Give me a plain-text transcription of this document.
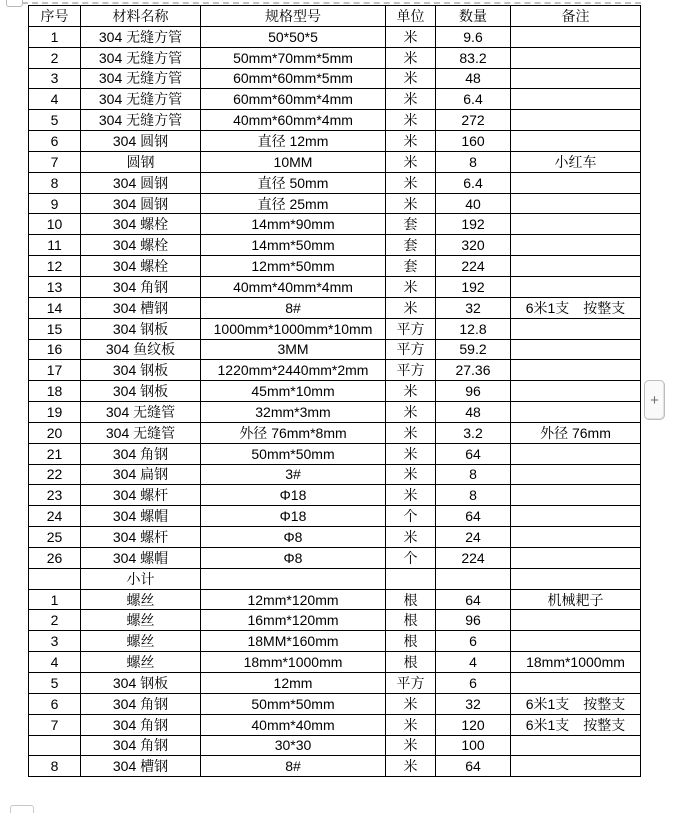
序号	材料名称	规格型号	单位	数量	备注
1	304 无缝方管	50*50*5	米	9.6	
2	304 无缝方管	50mm*70mm*5mm	米	83.2	
3	304 无缝方管	60mm*60mm*5mm	米	48	
4	304 无缝方管	60mm*60mm*4mm	米	6.4	
5	304 无缝方管	40mm*60mm*4mm	米	272	
6	304 圆钢	直径 12mm	米	160	
7	圆钢	10MM	米	8	小红车
8	304 圆钢	直径 50mm	米	6.4	
9	304 圆钢	直径 25mm	米	40	
10	304 螺栓	14mm*90mm	套	192	
11	304 螺栓	14mm*50mm	套	320	
12	304 螺栓	12mm*50mm	套	224	
13	304 角钢	40mm*40mm*4mm	米	192	
14	304 槽钢	8#	米	32	6米1支　按整支
15	304 钢板	1000mm*1000mm*10mm	平方	12.8	
16	304 鱼纹板	3MM	平方	59.2	
17	304 钢板	1220mm*2440mm*2mm	平方	27.36	
18	304 钢板	45mm*10mm	米	96	
19	304 无缝管	32mm*3mm	米	48	
20	304 无缝管	外径 76mm*8mm	米	3.2	外径 76mm
21	304 角钢	50mm*50mm	米	64	
22	304 扁钢	3#	米	8	
23	304 螺杆	Φ18	米	8	
24	304 螺帽	Φ18	个	64	
25	304 螺杆	Φ8	米	24	
26	304 螺帽	Φ8	个	224	
	小计				
1	螺丝	12mm*120mm	根	64	机械耙子
2	螺丝	16mm*120mm	根	96	
3	螺丝	18MM*160mm	根	6	
4	螺丝	18mm*1000mm	根	4	18mm*1000mm
5	304 钢板	12mm	平方	6	
6	304 角钢	50mm*50mm	米	32	6米1支　按整支
7	304 角钢	40mm*40mm	米	120	6米1支　按整支
	304 角钢	30*30	米	100	
8	304 槽钢	8#	米	64	
+
